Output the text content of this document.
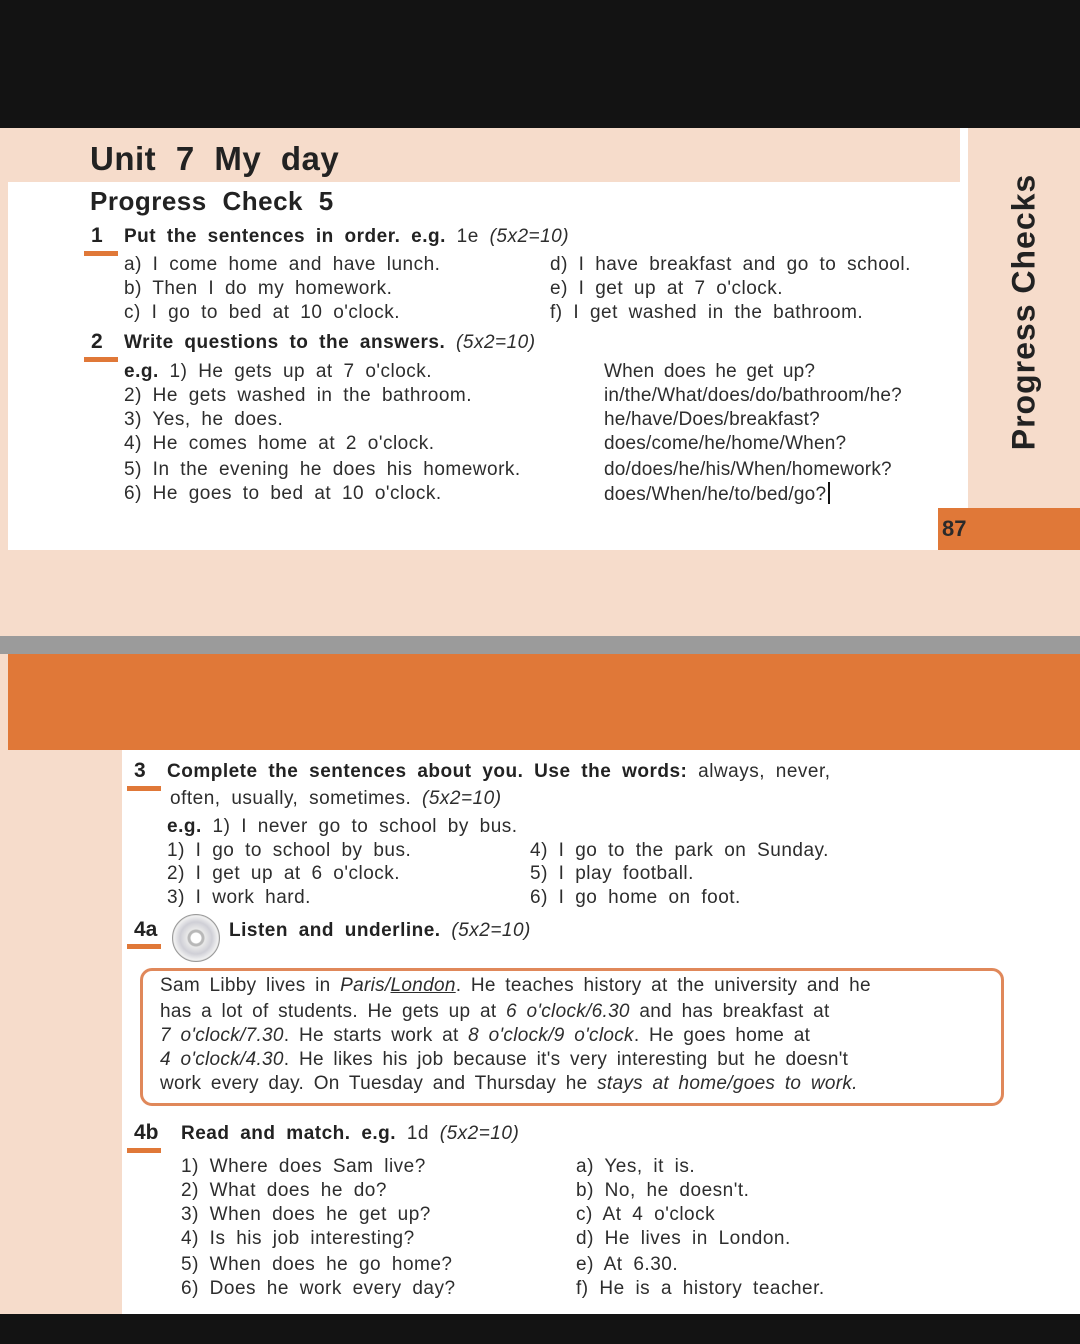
Progress Checks
87
Unit 7 My day
Progress Check 5
1 Put the sentences in order. e.g. 1e (5x2=10)
a) I come home and have lunch.
b) Then I do my homework.
c) I go to bed at 10 o'clock.
d) I have breakfast and go to school.
e) I get up at 7 o'clock.
f) I get washed in the bathroom.
2 Write questions to the answers. (5x2=10)
e.g. 1) He gets up at 7 o'clock.
2) He gets washed in the bathroom.
3) Yes, he does.
4) He comes home at 2 o'clock.
5) In the evening he does his homework.
6) He goes to bed at 10 o'clock.
When does he get up?
in/the/What/does/do/bathroom/he?
he/have/Does/breakfast?
does/come/he/home/When?
do/does/he/his/When/homework?
does/When/he/to/bed/go?
3 Complete the sentences about you. Use the words: always, never,
often, usually, sometimes. (5x2=10)
e.g. 1) I never go to school by bus.
1) I go to school by bus.
2) I get up at 6 o'clock.
3) I work hard.
4) I go to the park on Sunday.
5) I play football.
6) I go home on foot.
4a	Listen and underline. (5x2=10)
Sam Libby lives in Paris/London. He teaches history at the university and he
has a lot of students. He gets up at 6 o'clock/6.30 and has breakfast at
7 o'clock/7.30. He starts work at 8 o'clock/9 o'clock. He goes home at
4 o'clock/4.30. He likes his job because it's very interesting but he doesn't
work every day. On Tuesday and Thursday he stays at home/goes to work.
4b Read and match. e.g. 1d (5x2=10)
1) Where does Sam live?
2) What does he do?
3) When does he get up?
4) Is his job interesting?
5) When does he go home?
6) Does he work every day?
a) Yes, it is.
b) No, he doesn't.
c) At 4 o'clock
d) He lives in London.
e) At 6.30.
f) He is a history teacher.
